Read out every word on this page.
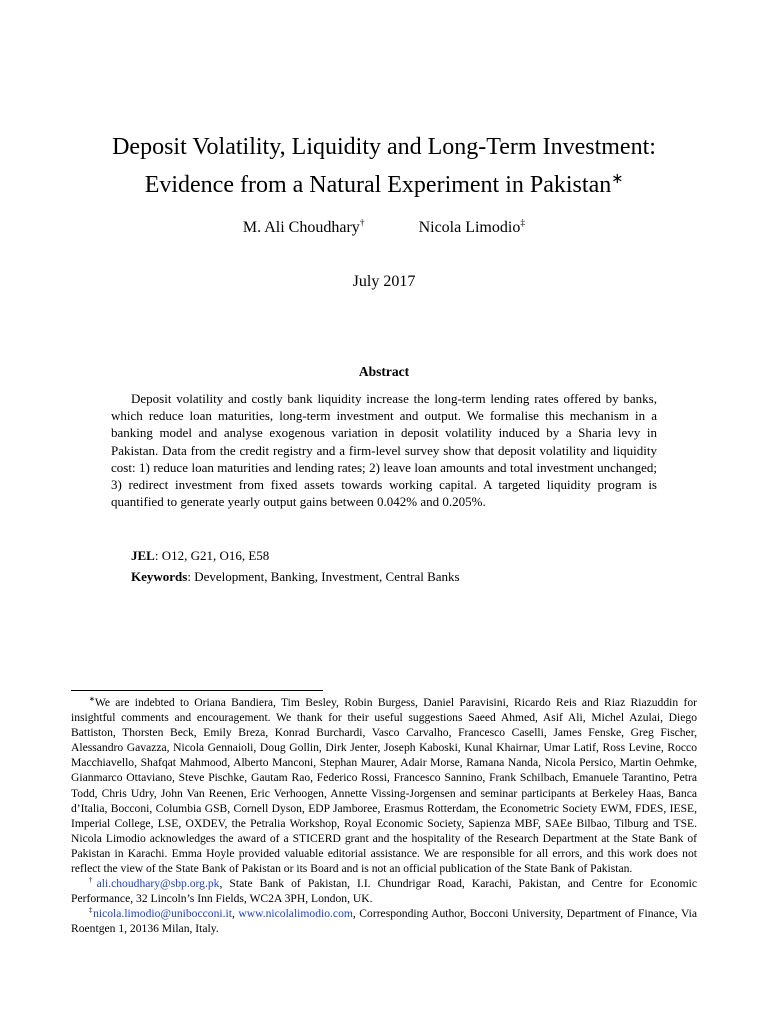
Deposit Volatility, Liquidity and Long-Term Investment:
Evidence from a Natural Experiment in Pakistan∗
M. Ali Choudhary†	Nicola Limodio‡
July 2017
Abstract

Deposit volatility and costly bank liquidity increase the long-term lending rates offered by banks, which reduce loan maturities, long-term investment and output. We formalise this mechanism in a banking model and analyse exogenous variation in deposit volatility induced by a Sharia levy in Pakistan. Data from the credit registry and a firm-level survey show that deposit volatility and liquidity cost: 1) reduce loan maturities and lending rates; 2) leave loan amounts and total investment unchanged; 3) redirect investment from fixed assets towards working capital. A targeted liquidity program is quantified to generate yearly output gains between 0.042% and 0.205%.

JEL: O12, G21, O16, E58
Keywords: Development, Banking, Investment, Central Banks

∗We are indebted to Oriana Bandiera, Tim Besley, Robin Burgess, Daniel Paravisini, Ricardo Reis and Riaz Riazuddin for insightful comments and encouragement. We thank for their useful suggestions Saeed Ahmed, Asif Ali, Michel Azulai, Diego Battiston, Thorsten Beck, Emily Breza, Konrad Burchardi, Vasco Carvalho, Francesco Caselli, James Fenske, Greg Fischer, Alessandro Gavazza, Nicola Gennaioli, Doug Gollin, Dirk Jenter, Joseph Kaboski, Kunal Khairnar, Umar Latif, Ross Levine, Rocco Macchiavello, Shafqat Mahmood, Alberto Manconi, Stephan Maurer, Adair Morse, Ramana Nanda, Nicola Persico, Martin Oehmke, Gianmarco Ottaviano, Steve Pischke, Gautam Rao, Federico Rossi, Francesco Sannino, Frank Schilbach, Emanuele Tarantino, Petra Todd, Chris Udry, John Van Reenen, Eric Verhoogen, Annette Vissing-Jorgensen and seminar participants at Berkeley Haas, Banca d’Italia, Bocconi, Columbia GSB, Cornell Dyson, EDP Jamboree, Erasmus Rotterdam, the Econometric Society EWM, FDES, IESE, Imperial College, LSE, OXDEV, the Petralia Workshop, Royal Economic Society, Sapienza MBF, SAEe Bilbao, Tilburg and TSE. Nicola Limodio acknowledges the award of a STICERD grant and the hospitality of the Research Department at the State Bank of Pakistan in Karachi. Emma Hoyle provided valuable editorial assistance. We are responsible for all errors, and this work does not reflect the view of the State Bank of Pakistan or its Board and is not an official publication of the State Bank of Pakistan.

†ali.choudhary@sbp.org.pk, State Bank of Pakistan, I.I. Chundrigar Road, Karachi, Pakistan, and Centre for Economic Performance, 32 Lincoln’s Inn Fields, WC2A 3PH, London, UK.

‡nicola.limodio@unibocconi.it, www.nicolalimodio.com, Corresponding Author, Bocconi University, Department of Finance, Via Roentgen 1, 20136 Milan, Italy.
